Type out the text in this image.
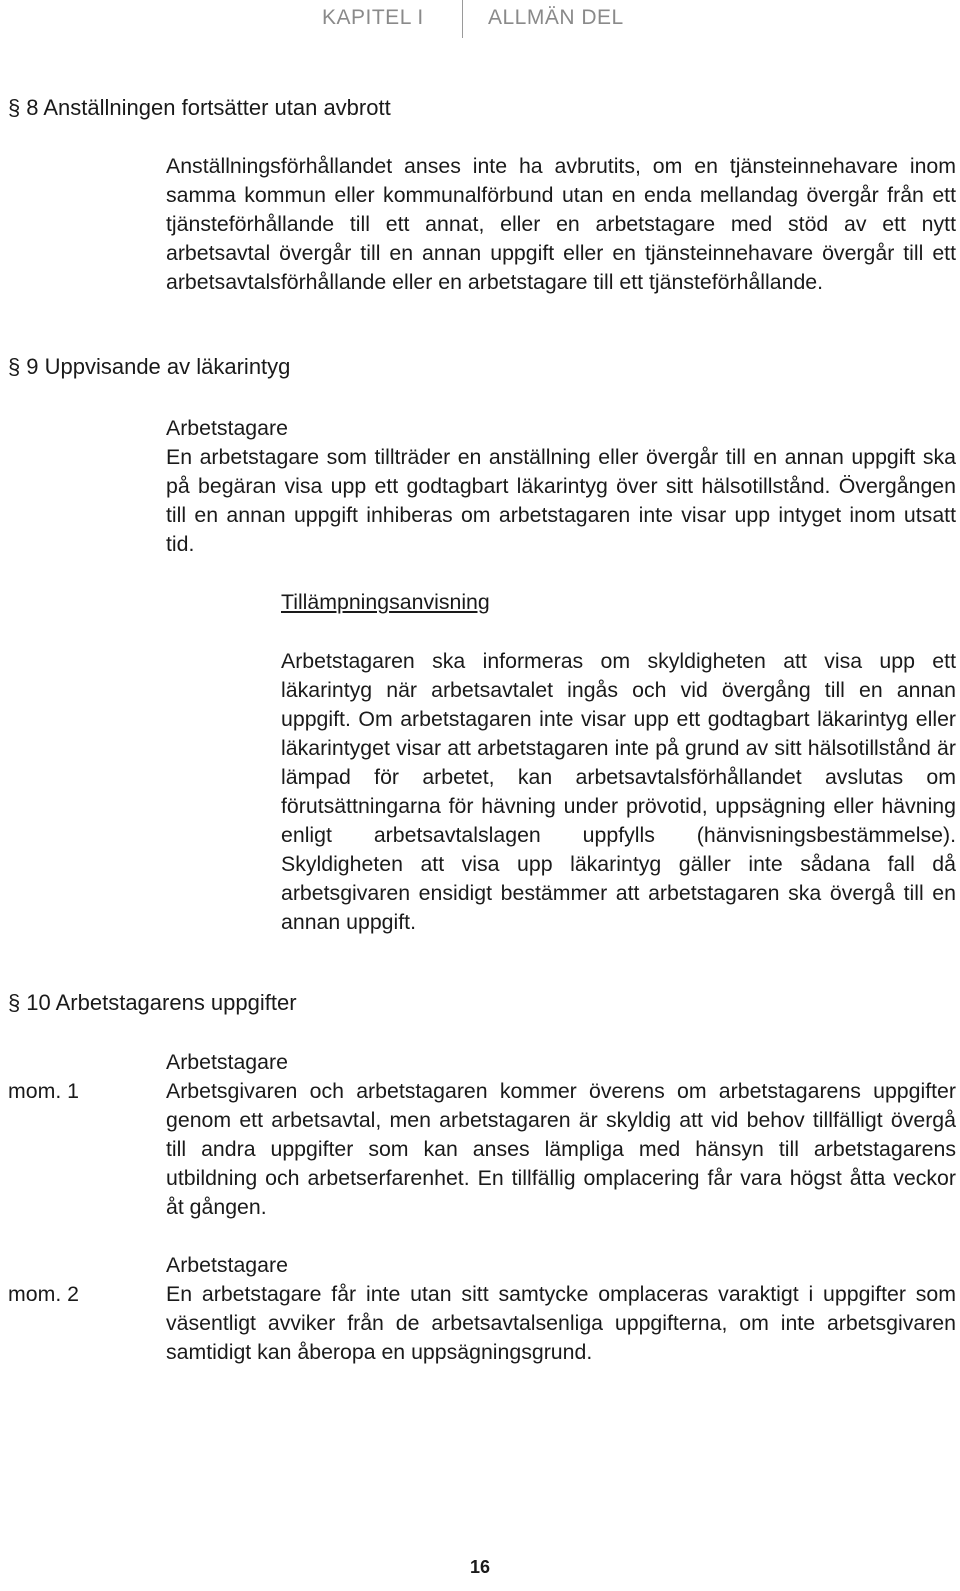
KAPITEL I	ALLMÄN DEL
§ 8 Anställningen fortsätter utan avbrott

Anställningsförhållandet anses inte ha avbrutits, om en tjänsteinnehavare inom samma kommun eller kommunalförbund utan en enda mellandag övergår från ett tjänsteförhållande till ett annat, eller en arbetstagare med stöd av ett nytt arbetsavtal övergår till en annan uppgift eller en tjänsteinnehavare övergår till ett arbetsavtalsförhållande eller en arbetstagare till ett tjänsteförhållande.

§ 9 Uppvisande av läkarintyg
Arbetstagare

En arbetstagare som tillträder en anställning eller övergår till en annan uppgift ska på begäran visa upp ett godtagbart läkarintyg över sitt hälsotillstånd. Övergången till en annan uppgift inhiberas om arbetstagaren inte visar upp intyget inom utsatt tid.

Tillämpningsanvisning

Arbetstagaren ska informeras om skyldigheten att visa upp ett läkarintyg när arbetsavtalet ingås och vid övergång till en annan uppgift. Om arbetstagaren inte visar upp ett godtagbart läkarintyg eller läkarintyget visar att arbetstagaren inte på grund av sitt hälsotillstånd är lämpad för arbetet, kan arbetsavtalsförhållandet avslutas om förutsättningarna för hävning under prövotid, uppsägning eller hävning enligt arbetsavtalslagen uppfylls (hänvisningsbestämmelse). Skyldigheten att visa upp läkarintyg gäller inte sådana fall då arbetsgivaren ensidigt bestämmer att arbetstagaren ska övergå till en annan uppgift.

§ 10 Arbetstagarens uppgifter
mom. 1
Arbetstagare

Arbetsgivaren och arbetstagaren kommer överens om arbetstagarens uppgifter genom ett arbetsavtal, men arbetstagaren är skyldig att vid behov tillfälligt övergå till andra uppgifter som kan anses lämpliga med hänsyn till arbetstagarens utbildning och arbetserfarenhet. En tillfällig omplacering får vara högst åtta veckor åt gången.

mom. 2
Arbetstagare

En arbetstagare får inte utan sitt samtycke omplaceras varaktigt i uppgifter som väsentligt avviker från de arbetsavtalsenliga uppgifterna, om inte arbetsgivaren samtidigt kan åberopa en uppsägningsgrund.

16
